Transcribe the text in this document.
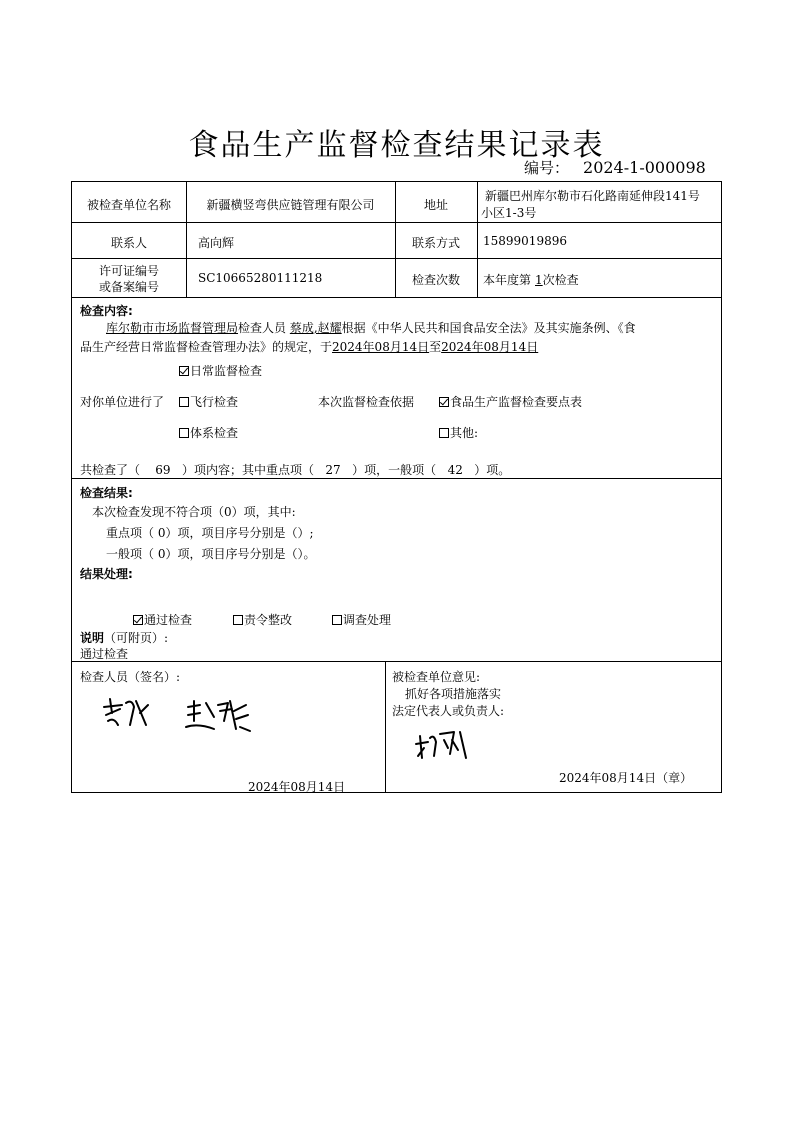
食品生产监督检查结果记录表
编号： 2024-1-000098
被检查单位名称	新疆横竖弯供应链管理有限公司	地址
新疆巴州库尔勒市石化路南延伸段141号
小区1-3号
联系人	高向辉	联系方式	15899019896
许可证编号
或备案编号
SC10665280111218	检查次数	本年度第 1次检查
检查内容:
库尔勒市市场监督管理局检查人员 蔡成,赵耀根据《中华人民共和国食品安全法》及其实施条例、《食
品生产经营日常监督检查管理办法》的规定，于2024年08月14日至2024年08月14日
日常监督检查
对你单位进行了	飞行检查	本次监督检查依据	食品生产监督检查要点表
体系检查	其他:
共检查了（    69   ）项内容；其中重点项（   27   ）项，一般项（   42   ）项。
检查结果:
本次检查发现不符合项（0）项，其中:
重点项（ 0）项，项目序号分别是（）;
一般项（ 0）项，项目序号分别是（）。
结果处理:
通过检查	责令整改	调查处理
说明（可附页）:
通过检查
检查人员（签名）:
2024年08月14日
被检查单位意见:
抓好各项措施落实
法定代表人或负责人:
2024年08月14日（章）
